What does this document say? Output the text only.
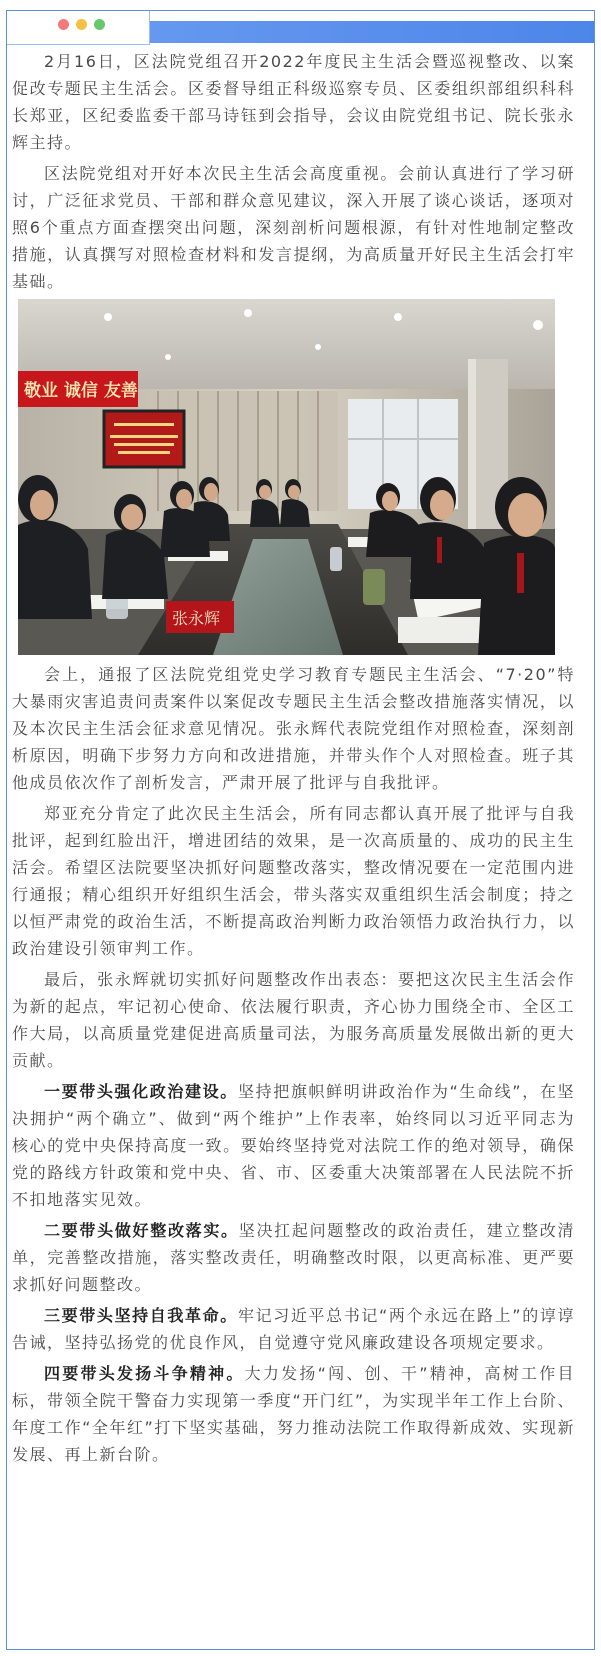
2月16日，区法院党组召开2022年度民主生活会暨巡视整改、以案促改专题民主生活会。区委督导组正科级巡察专员、区委组织部组织科科长郑亚，区纪委监委干部马诗钰到会指导，会议由院党组书记、院长张永辉主持。

区法院党组对开好本次民主生活会高度重视。会前认真进行了学习研讨，广泛征求党员、干部和群众意见建议，深入开展了谈心谈话，逐项对照6个重点方面查摆突出问题，深刻剖析问题根源，有针对性地制定整改措施，认真撰写对照检查材料和发言提纲，为高质量开好民主生活会打牢基础。

敬业 诚信 友善
张永辉

会上，通报了区法院党组党史学习教育专题民主生活会、“7·20”特大暴雨灾害追责问责案件以案促改专题民主生活会整改措施落实情况，以及本次民主生活会征求意见情况。张永辉代表院党组作对照检查，深刻剖析原因，明确下步努力方向和改进措施，并带头作个人对照检查。班子其他成员依次作了剖析发言，严肃开展了批评与自我批评。

郑亚充分肯定了此次民主生活会，所有同志都认真开展了批评与自我批评，起到红脸出汗，增进团结的效果，是一次高质量的、成功的民主生活会。希望区法院要坚决抓好问题整改落实，整改情况要在一定范围内进行通报；精心组织开好组织生活会，带头落实双重组织生活会制度；持之以恒严肃党的政治生活，不断提高政治判断力政治领悟力政治执行力，以政治建设引领审判工作。

最后，张永辉就切实抓好问题整改作出表态：要把这次民主生活会作为新的起点，牢记初心使命、依法履行职责，齐心协力围绕全市、全区工作大局，以高质量党建促进高质量司法，为服务高质量发展做出新的更大贡献。

一要带头强化政治建设。坚持把旗帜鲜明讲政治作为“生命线”，在坚决拥护“两个确立”、做到“两个维护”上作表率，始终同以习近平同志为核心的党中央保持高度一致。要始终坚持党对法院工作的绝对领导，确保党的路线方针政策和党中央、省、市、区委重大决策部署在人民法院不折不扣地落实见效。

二要带头做好整改落实。坚决扛起问题整改的政治责任，建立整改清单，完善整改措施，落实整改责任，明确整改时限，以更高标准、更严要求抓好问题整改。

三要带头坚持自我革命。牢记习近平总书记“两个永远在路上”的谆谆告诫，坚持弘扬党的优良作风，自觉遵守党风廉政建设各项规定要求。

四要带头发扬斗争精神。大力发扬“闯、创、干”精神，高树工作目标，带领全院干警奋力实现第一季度“开门红”，为实现半年工作上台阶、年度工作“全年红”打下坚实基础，努力推动法院工作取得新成效、实现新发展、再上新台阶。
